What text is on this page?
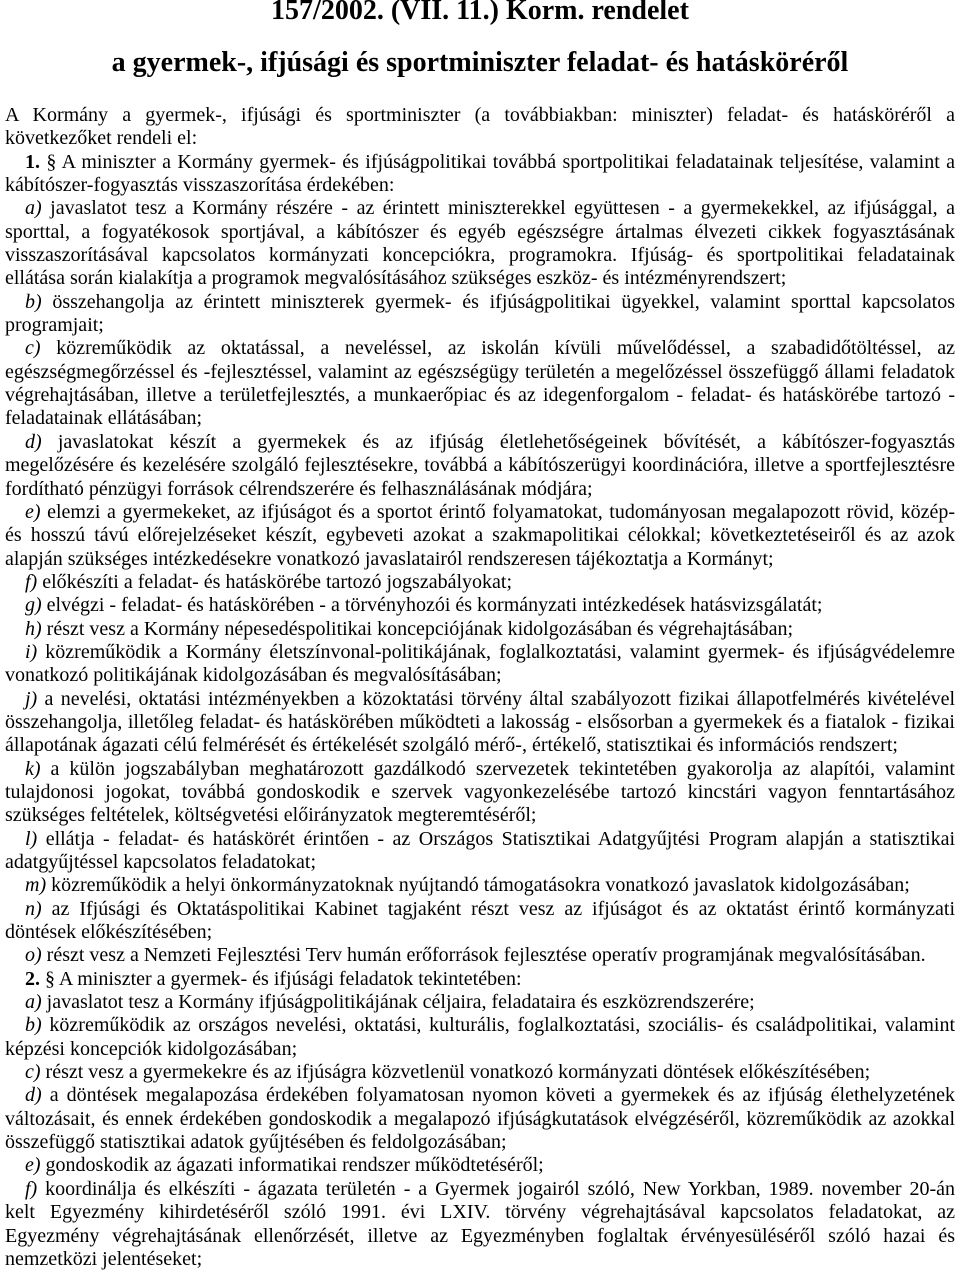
157/2002. (VII. 11.) Korm. rendelet
a gyermek-, ifjúsági és sportminiszter feladat- és hatásköréről
A Kormány a gyermek-, ifjúsági és sportminiszter (a továbbiakban: miniszter) feladat- és hatásköréről a
következőket rendeli el:
1. § A miniszter a Kormány gyermek- és ifjúságpolitikai továbbá sportpolitikai feladatainak teljesítése, valamint a
kábítószer-fogyasztás visszaszorítása érdekében:
a) javaslatot tesz a Kormány részére - az érintett miniszterekkel együttesen - a gyermekekkel, az ifjúsággal, a
sporttal, a fogyatékosok sportjával, a kábítószer és egyéb egészségre ártalmas élvezeti cikkek fogyasztásának
visszaszorításával kapcsolatos kormányzati koncepciókra, programokra. Ifjúság- és sportpolitikai feladatainak
ellátása során kialakítja a programok megvalósításához szükséges eszköz- és intézményrendszert;
b) összehangolja az érintett miniszterek gyermek- és ifjúságpolitikai ügyekkel, valamint sporttal kapcsolatos
programjait;
c) közreműködik az oktatással, a neveléssel, az iskolán kívüli művelődéssel, a szabadidőtöltéssel, az
egészségmegőrzéssel és -fejlesztéssel, valamint az egészségügy területén a megelőzéssel összefüggő állami feladatok
végrehajtásában, illetve a területfejlesztés, a munkaerőpiac és az idegenforgalom - feladat- és hatáskörébe tartozó -
feladatainak ellátásában;
d) javaslatokat készít a gyermekek és az ifjúság életlehetőségeinek bővítését, a kábítószer-fogyasztás
megelőzésére és kezelésére szolgáló fejlesztésekre, továbbá a kábítószerügyi koordinációra, illetve a sportfejlesztésre
fordítható pénzügyi források célrendszerére és felhasználásának módjára;
e) elemzi a gyermekeket, az ifjúságot és a sportot érintő folyamatokat, tudományosan megalapozott rövid, közép-
és hosszú távú előrejelzéseket készít, egybeveti azokat a szakmapolitikai célokkal; következtetéseiről és az azok
alapján szükséges intézkedésekre vonatkozó javaslatairól rendszeresen tájékoztatja a Kormányt;
f) előkészíti a feladat- és hatáskörébe tartozó jogszabályokat;
g) elvégzi - feladat- és hatáskörében - a törvényhozói és kormányzati intézkedések hatásvizsgálatát;
h) részt vesz a Kormány népesedéspolitikai koncepciójának kidolgozásában és végrehajtásában;
i) közreműködik a Kormány életszínvonal-politikájának, foglalkoztatási, valamint gyermek- és ifjúságvédelemre
vonatkozó politikájának kidolgozásában és megvalósításában;
j) a nevelési, oktatási intézményekben a közoktatási törvény által szabályozott fizikai állapotfelmérés kivételével
összehangolja, illetőleg feladat- és hatáskörében működteti a lakosság - elsősorban a gyermekek és a fiatalok - fizikai
állapotának ágazati célú felmérését és értékelését szolgáló mérő-, értékelő, statisztikai és információs rendszert;
k) a külön jogszabályban meghatározott gazdálkodó szervezetek tekintetében gyakorolja az alapítói, valamint
tulajdonosi jogokat, továbbá gondoskodik e szervek vagyonkezelésébe tartozó kincstári vagyon fenntartásához
szükséges feltételek, költségvetési előirányzatok megteremtéséről;
l) ellátja - feladat- és hatáskörét érintően - az Országos Statisztikai Adatgyűjtési Program alapján a statisztikai
adatgyűjtéssel kapcsolatos feladatokat;
m) közreműködik a helyi önkormányzatoknak nyújtandó támogatásokra vonatkozó javaslatok kidolgozásában;
n) az Ifjúsági és Oktatáspolitikai Kabinet tagjaként részt vesz az ifjúságot és az oktatást érintő kormányzati
döntések előkészítésében;
o) részt vesz a Nemzeti Fejlesztési Terv humán erőforrások fejlesztése operatív programjának megvalósításában.
2. § A miniszter a gyermek- és ifjúsági feladatok tekintetében:
a) javaslatot tesz a Kormány ifjúságpolitikájának céljaira, feladataira és eszközrendszerére;
b) közreműködik az országos nevelési, oktatási, kulturális, foglalkoztatási, szociális- és családpolitikai, valamint
képzési koncepciók kidolgozásában;
c) részt vesz a gyermekekre és az ifjúságra közvetlenül vonatkozó kormányzati döntések előkészítésében;
d) a döntések megalapozása érdekében folyamatosan nyomon követi a gyermekek és az ifjúság élethelyzetének
változásait, és ennek érdekében gondoskodik a megalapozó ifjúságkutatások elvégzéséről, közreműködik az azokkal
összefüggő statisztikai adatok gyűjtésében és feldolgozásában;
e) gondoskodik az ágazati informatikai rendszer működtetéséről;
f) koordinálja és elkészíti - ágazata területén - a Gyermek jogairól szóló, New Yorkban, 1989. november 20-án
kelt Egyezmény kihirdetéséről szóló 1991. évi LXIV. törvény végrehajtásával kapcsolatos feladatokat, az
Egyezmény végrehajtásának ellenőrzését, illetve az Egyezményben foglaltak érvényesüléséről szóló hazai és
nemzetközi jelentéseket;
